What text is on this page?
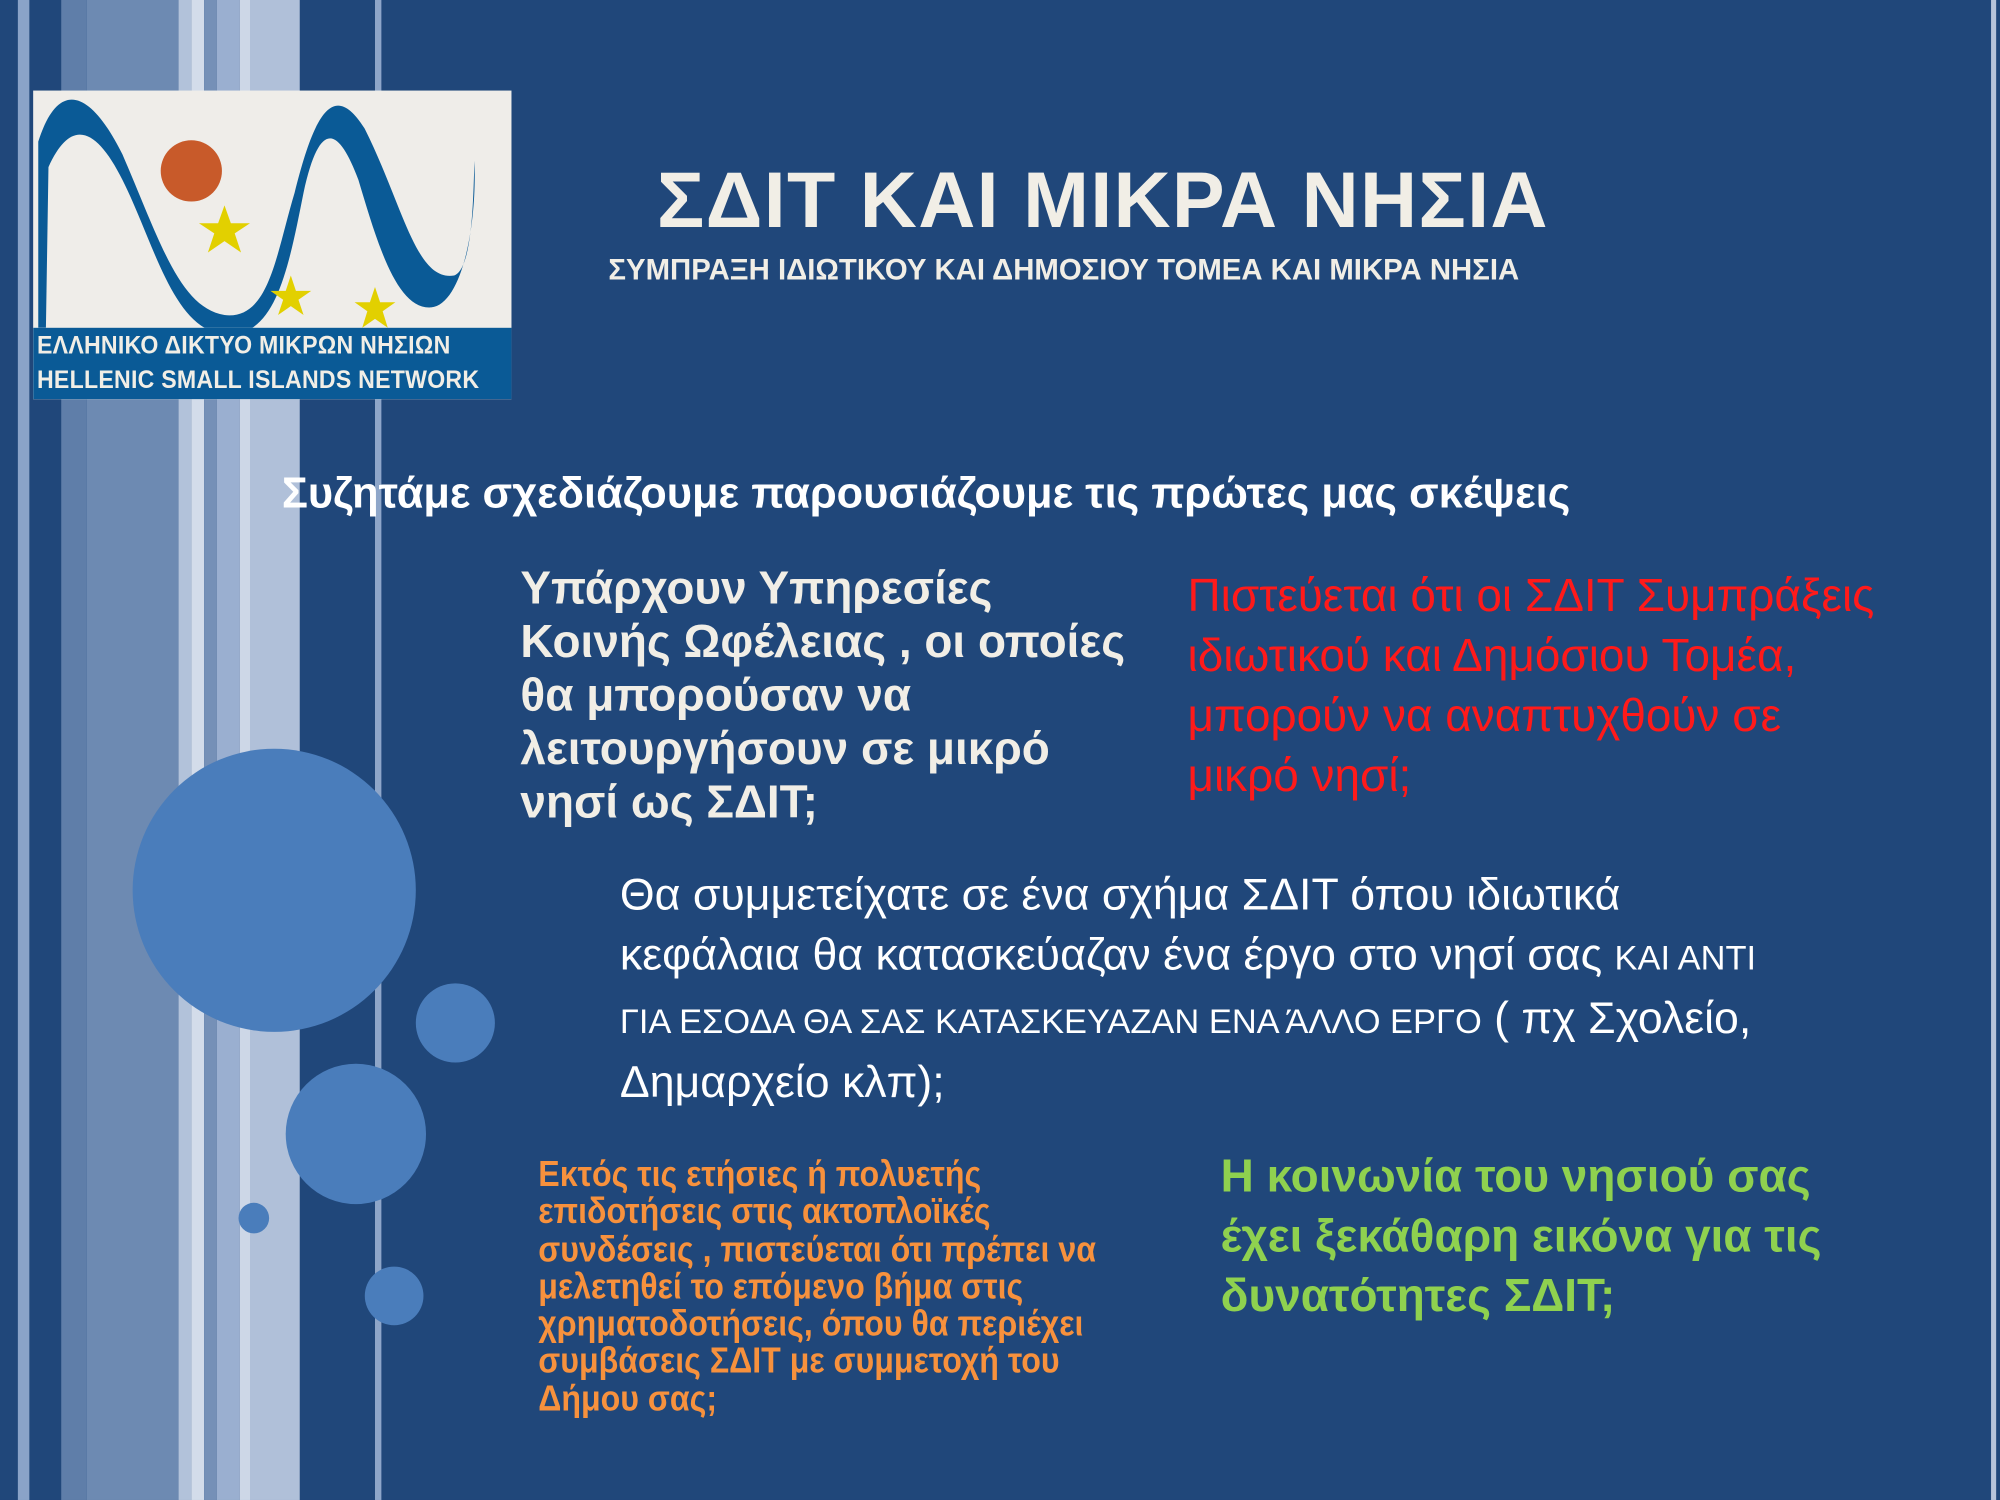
ΕΛΛΗΝΙΚΟ ΔΙΚΤΥΟ ΜΙΚΡΩΝ ΝΗΣΙΩΝ
HELLENIC SMALL ISLANDS NETWORK
ΣΔΙΤ ΚΑΙ ΜΙΚΡΑ ΝΗΣΙΑ
ΣΥΜΠΡΑΞΗ ΙΔΙΩΤΙΚΟΥ ΚΑΙ ΔΗΜΟΣΙΟΥ ΤΟΜΕΑ ΚΑΙ ΜΙΚΡΑ ΝΗΣΙΑ
Συζητάμε σχεδιάζουμε παρουσιάζουμε τις πρώτες μας σκέψεις
Υπάρχουν Υπηρεσίες
Κοινής Ωφέλειας , οι οποίες
θα μπορούσαν να
λειτουργήσουν σε μικρό
νησί ως ΣΔΙΤ;
Πιστεύεται ότι οι ΣΔΙΤ Συμπράξεις
ιδιωτικού και Δημόσιου Τομέα,
μπορούν να αναπτυχθούν σε
μικρό νησί;
Θα συμμετείχατε σε ένα σχήμα ΣΔΙΤ όπου ιδιωτικά
κεφάλαια θα κατασκεύαζαν ένα έργο στο νησί σας ΚΑΙ ΑΝΤΙ
ΓΙΑ ΕΣΟΔΑ ΘΑ ΣΑΣ ΚΑΤΑΣΚΕΥΑΖΑΝ ΕΝΑ ΆΛΛΟ ΕΡΓΟ ( πχ Σχολείο,
Δημαρχείο κλπ);
Εκτός τις ετήσιες ή πολυετής
επιδοτήσεις στις ακτοπλοϊκές
συνδέσεις , πιστεύεται ότι πρέπει να
μελετηθεί το επόμενο βήμα στις
χρηματοδοτήσεις, όπου θα περιέχει
συμβάσεις ΣΔΙΤ με συμμετοχή του
Δήμου σας;
Η κοινωνία του νησιού σας
έχει ξεκάθαρη εικόνα για τις
δυνατότητες ΣΔΙΤ;
